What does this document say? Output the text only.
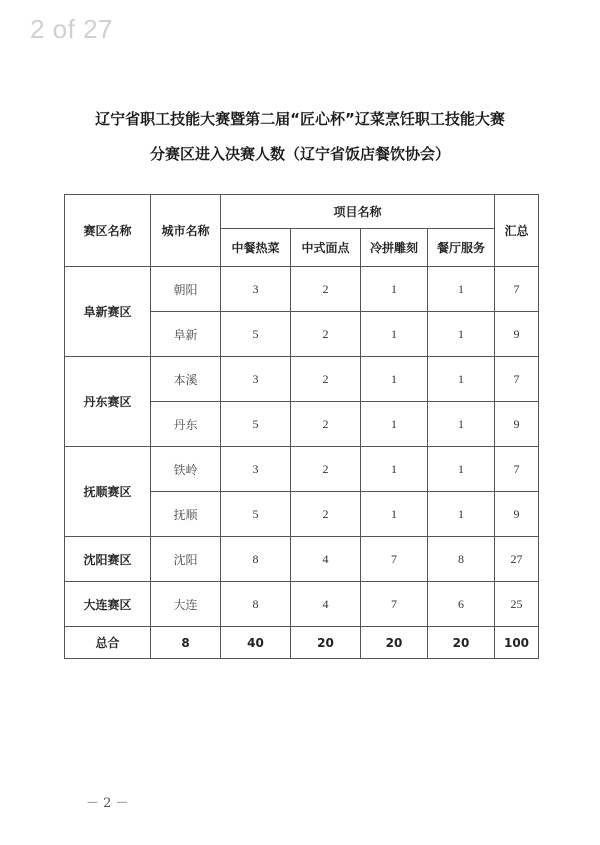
2 of 27
辽宁省职工技能大赛暨第二届“匠心杯”辽菜烹饪职工技能大赛
分赛区进入决赛人数（辽宁省饭店餐饮协会）
赛区名称	城市名称	项目名称				汇总
		中餐热菜	中式面点	冷拼雕刻	餐厅服务	
阜新赛区	朝阳	3	2	1	1	7
	阜新	5	2	1	1	9
丹东赛区	本溪	3	2	1	1	7
	丹东	5	2	1	1	9
抚顺赛区	铁岭	3	2	1	1	7
	抚顺	5	2	1	1	9
沈阳赛区	沈阳	8	4	7	8	27
大连赛区	大连	8	4	7	6	25
总合	8	40	20	20	20	100
－ 2 －
